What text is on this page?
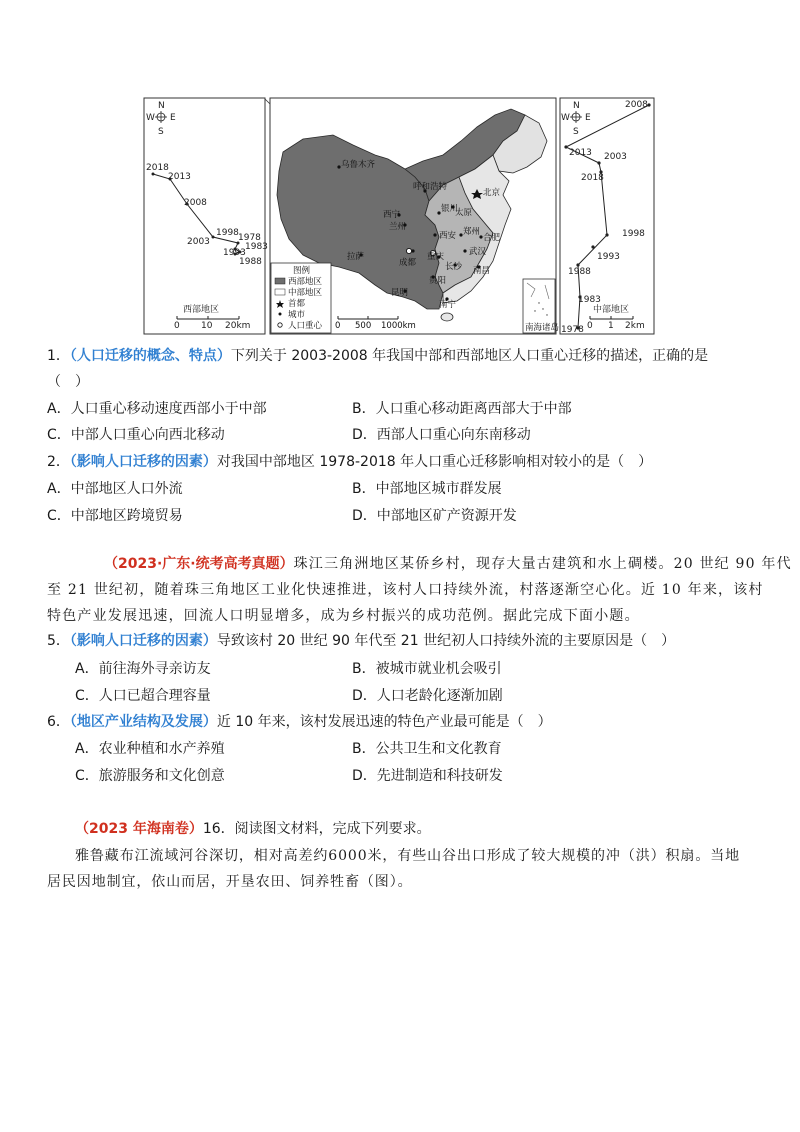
N
W E
S
2018
2013
2008
1998 1978
2003
1993
1983
1988
西部地区
0 10 20km
乌鲁木齐
呼和浩特
北京
银川
太原
西宁
兰州
西安 郑州
合肥
武汉
拉萨
成都
重庆
长沙 南昌
贵阳
昆明
南宁
图例
西部地区
中部地区
首都
城市
人口重心 0 500 1000km	南海诸岛
N
W E
S
2008
2013 2003
2018
1998
1993
1988
1983
1978
中部地区
0 1 2km
1．（人口迁移的概念、特点）下列关于 2003-2008 年我国中部和西部地区人口重心迁移的描述，正确的是
（　）
A．人口重心移动速度西部小于中部	B．人口重心移动距离西部大于中部
C．中部人口重心向西北移动	D．西部人口重心向东南移动
2．（影响人口迁移的因素）对我国中部地区 1978-2018 年人口重心迁移影响相对较小的是（　）
A．中部地区人口外流	B．中部地区城市群发展
C．中部地区跨境贸易	D．中部地区矿产资源开发
（2023·广东·统考高考真题）珠江三角洲地区某侨乡村，现存大量古建筑和水上碉楼。20 世纪 90 年代
至 21 世纪初，随着珠三角地区工业化快速推进，该村人口持续外流，村落逐渐空心化。近 10 年来，该村
特色产业发展迅速，回流人口明显增多，成为乡村振兴的成功范例。据此完成下面小题。
5．（影响人口迁移的因素）导致该村 20 世纪 90 年代至 21 世纪初人口持续外流的主要原因是（　）
A．前往海外寻亲访友	B．被城市就业机会吸引
C．人口已超合理容量	D．人口老龄化逐渐加剧
6．（地区产业结构及发展）近 10 年来，该村发展迅速的特色产业最可能是（　）
A．农业种植和水产养殖	B．公共卫生和文化教育
C．旅游服务和文化创意	D．先进制造和科技研发
（2023 年海南卷）16．阅读图文材料，完成下列要求。
雅鲁藏布江流域河谷深切，相对高差约6000米，有些山谷出口形成了较大规模的冲（洪）积扇。当地
居民因地制宜，依山而居，开垦农田、饲养牲畜（图）。
